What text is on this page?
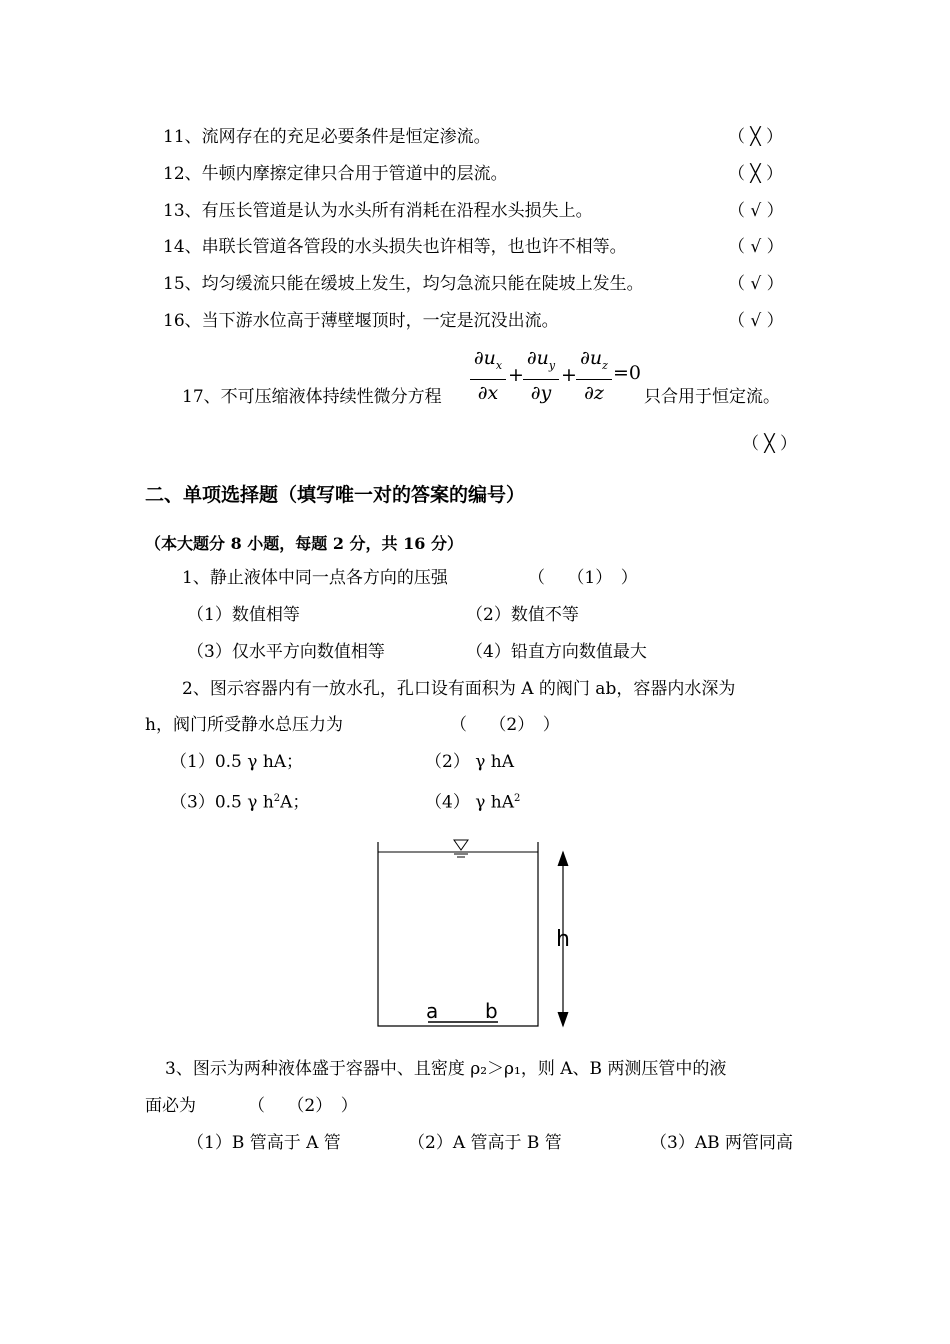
11、流网存在的充足必要条件是恒定渗流。	（ ╳ ）
12、牛顿内摩擦定律只合用于管道中的层流。	（ ╳ ）
13、有压长管道是认为水头所有消耗在沿程水头损失上。	（ √ ）
14、串联长管道各管段的水头损失也许相等，也也许不相等。	（ √ ）
15、均匀缓流只能在缓坡上发生，均匀急流只能在陡坡上发生。	（ √ ）
16、当下游水位高于薄壁堰顶时，一定是沉没出流。	（ √ ）
17、不可压缩液体持续性微分方程
$\partial u_x$
∂x
+
$\partial u_y$
∂y
+
$\partial u_z$
∂z
=0
只合用于恒定流。
（ ╳ ）
二、单项选择题（填写唯一对的答案的编号）
（本大题分 8 小题，每题 2 分，共 16 分）
1、静止液体中同一点各方向的压强	（　 （1）　）
（1）数值相等	（2）数值不等
（3）仅水平方向数值相等	（4）铅直方向数值最大
2、图示容器内有一放水孔，孔口设有面积为 A 的阀门 ab，容器内水深为
h，阀门所受静水总压力为	（　 （2）　）
（1）0.5 γ hA；	（2） γ hA
（3）0.5 γ $h^2A$；	（4） γ $hA^2$
h
a b
3、图示为两种液体盛于容器中、且密度 ρ₂＞ρ₁，则 A、B 两测压管中的液
面必为	（　 （2）　）
（1）B 管高于 A 管	（2）A 管高于 B 管	（3）AB 两管同高
